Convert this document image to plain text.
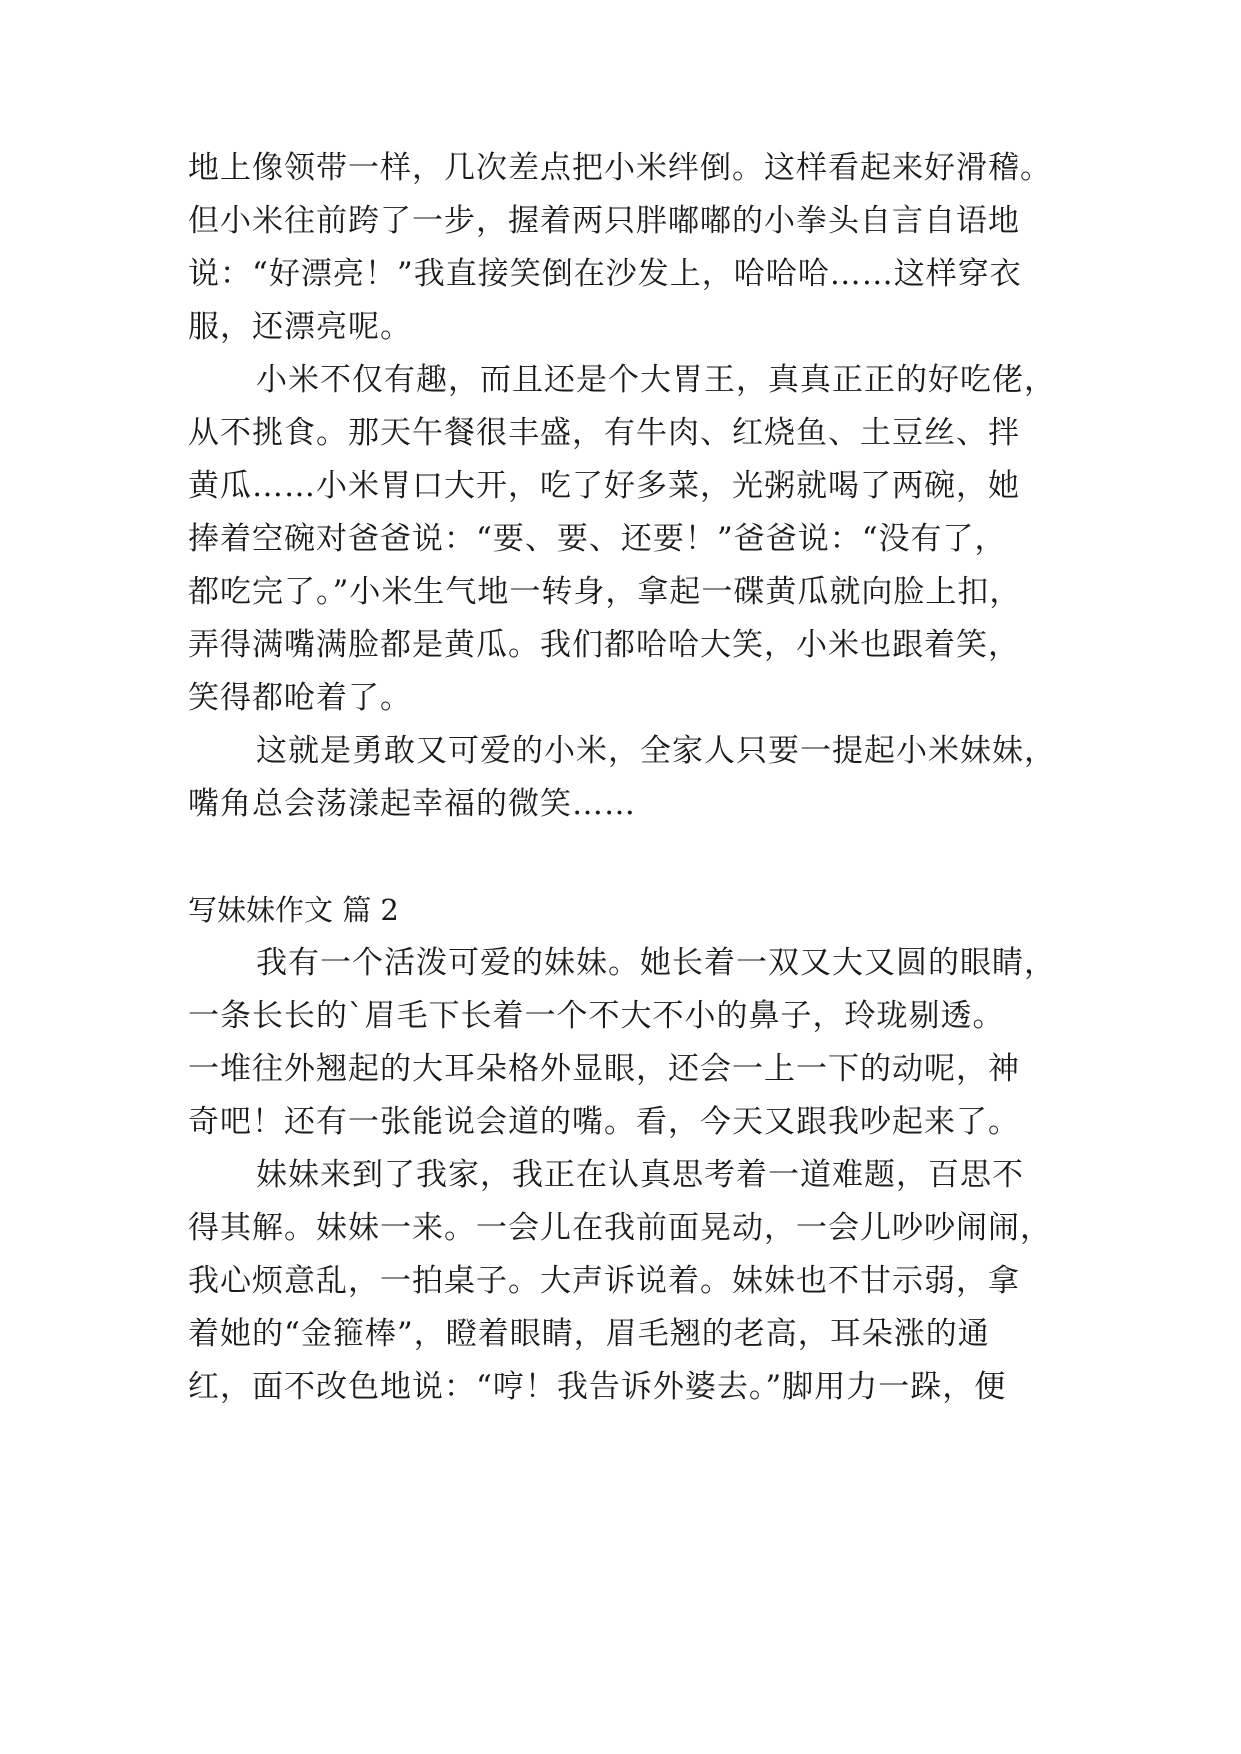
地上像领带一样，几次差点把小米绊倒。这样看起来好滑稽。
但小米往前跨了一步，握着两只胖嘟嘟的小拳头自言自语地
说：“好漂亮！”我直接笑倒在沙发上，哈哈哈……这样穿衣
服，还漂亮呢。
小米不仅有趣，而且还是个大胃王，真真正正的好吃佬，
从不挑食。那天午餐很丰盛，有牛肉、红烧鱼、土豆丝、拌
黄瓜……小米胃口大开，吃了好多菜，光粥就喝了两碗，她
捧着空碗对爸爸说：“要、要、还要！”爸爸说：“没有了，
都吃完了。”小米生气地一转身，拿起一碟黄瓜就向脸上扣，
弄得满嘴满脸都是黄瓜。我们都哈哈大笑，小米也跟着笑，
笑得都呛着了。
这就是勇敢又可爱的小米，全家人只要一提起小米妹妹，
嘴角总会荡漾起幸福的微笑……
写妹妹作文 篇 2
我有一个活泼可爱的妹妹。她长着一双又大又圆的眼睛，
一条长长的`眉毛下长着一个不大不小的鼻子，玲珑剔透。
一堆往外翘起的大耳朵格外显眼，还会一上一下的动呢，神
奇吧！还有一张能说会道的嘴。看，今天又跟我吵起来了。
妹妹来到了我家，我正在认真思考着一道难题，百思不
得其解。妹妹一来。一会儿在我前面晃动，一会儿吵吵闹闹，
我心烦意乱，一拍桌子。大声诉说着。妹妹也不甘示弱，拿
着她的“金箍棒”，瞪着眼睛，眉毛翘的老高，耳朵涨的通
红，面不改色地说：“哼！我告诉外婆去。”脚用力一跺，便
